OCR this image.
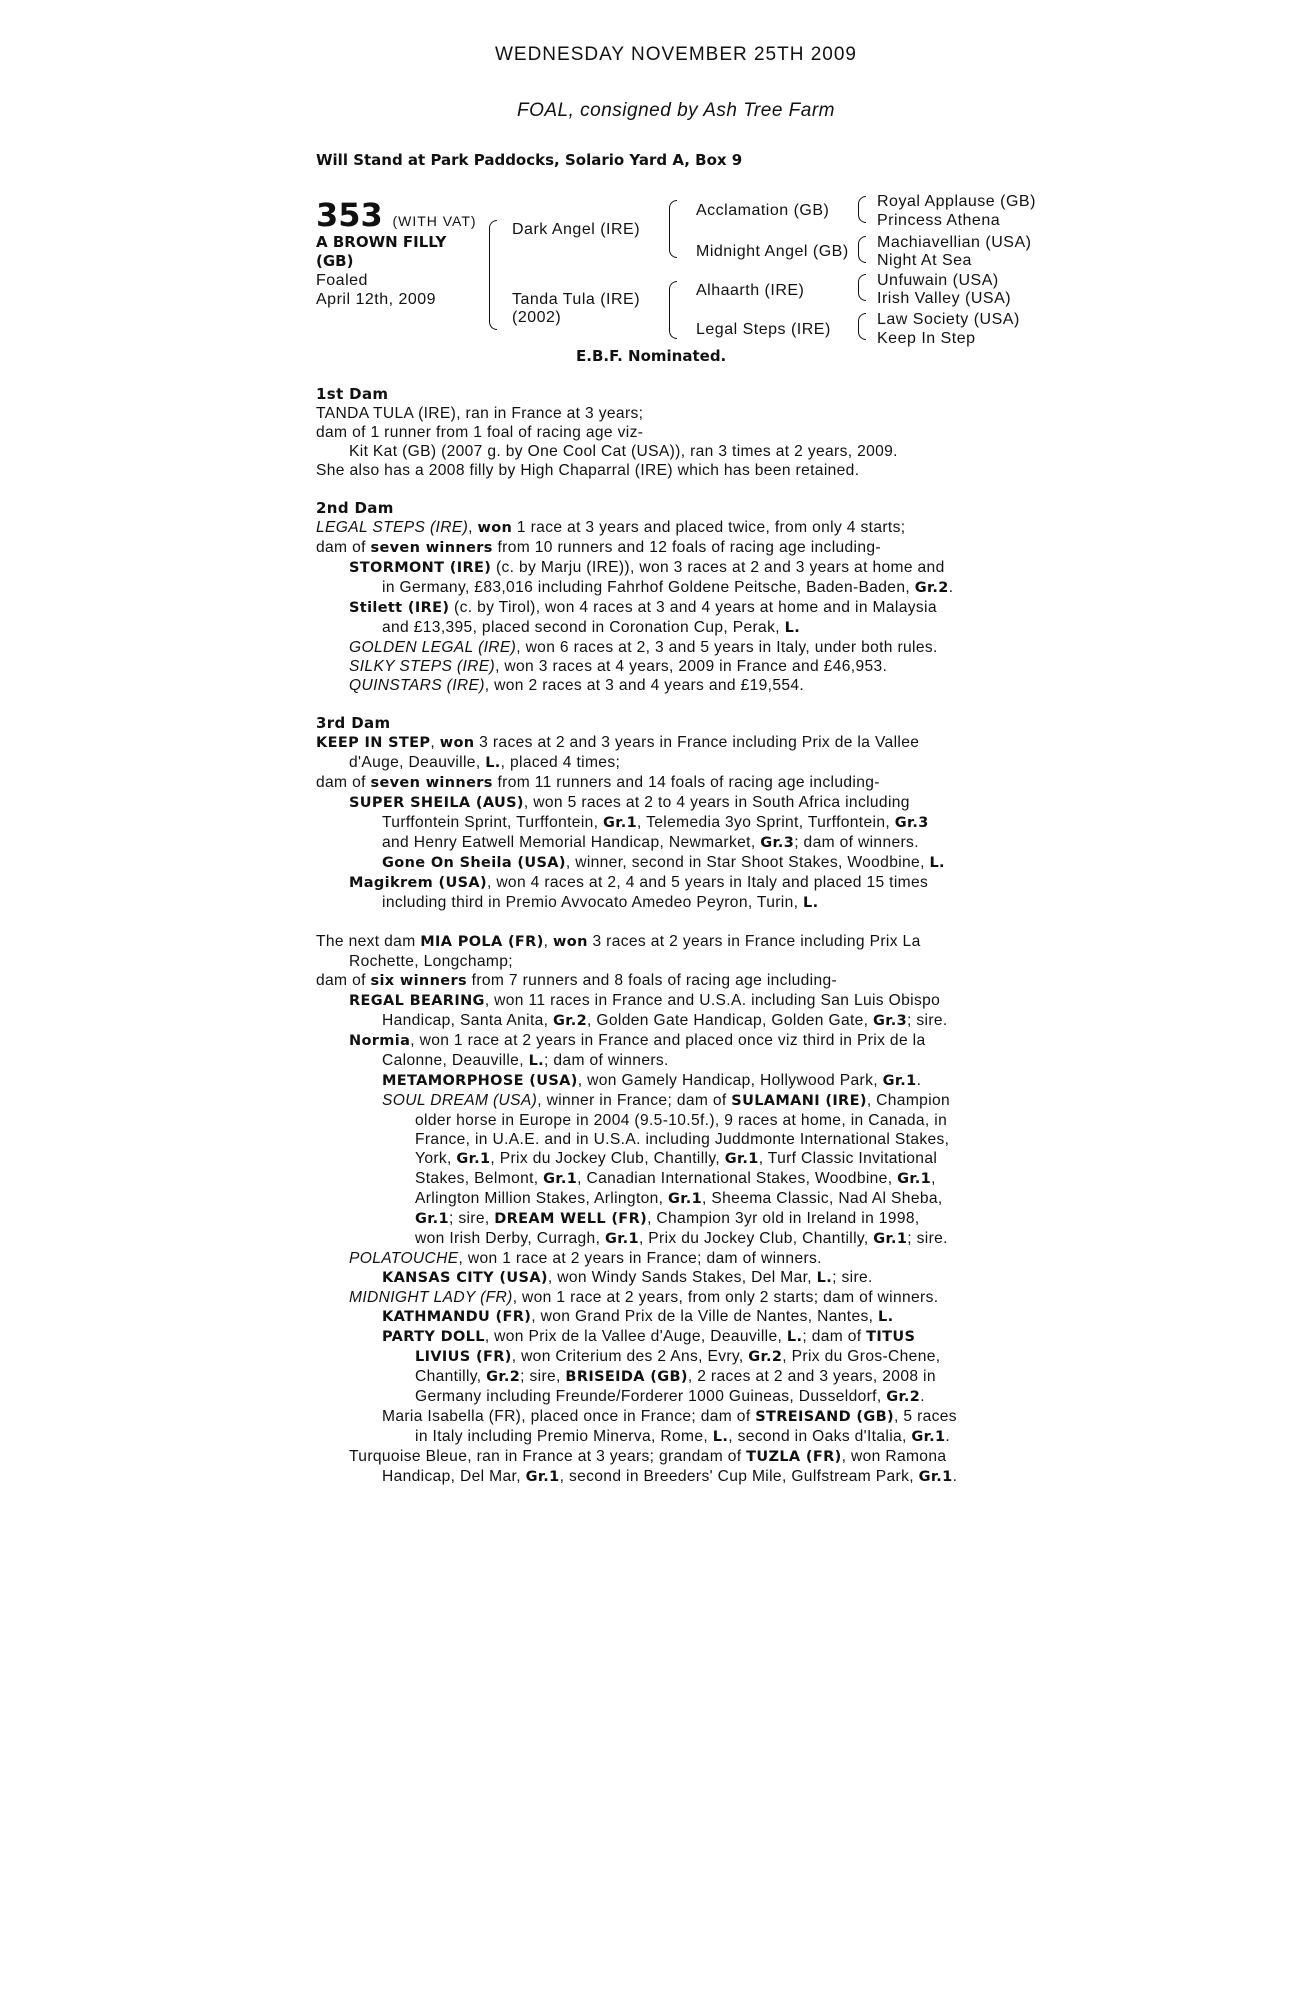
WEDNESDAY NOVEMBER 25TH 2009
FOAL, consigned by Ash Tree Farm
Will Stand at Park Paddocks, Solario Yard A, Box 9
353 (WITH VAT)
A BROWN FILLY
(GB)
Foaled
April 12th, 2009
Dark Angel (IRE)
Tanda Tula (IRE)
(2002)
Acclamation (GB)
Midnight Angel (GB)
Alhaarth (IRE)
Legal Steps (IRE)
Royal Applause (GB)
Princess Athena
Machiavellian (USA)
Night At Sea
Unfuwain (USA)
Irish Valley (USA)
Law Society (USA)
Keep In Step
E.B.F. Nominated.

1st Dam

TANDA TULA (IRE), ran in France at 3 years;

dam of 1 runner from 1 foal of racing age viz-

Kit Kat (GB) (2007 g. by One Cool Cat (USA)), ran 3 times at 2 years, 2009.

She also has a 2008 filly by High Chaparral (IRE) which has been retained.

2nd Dam

LEGAL STEPS (IRE), won 1 race at 3 years and placed twice, from only 4 starts;

dam of seven winners from 10 runners and 12 foals of racing age including-

STORMONT (IRE) (c. by Marju (IRE)), won 3 races at 2 and 3 years at home and

in Germany, £83,016 including Fahrhof Goldene Peitsche, Baden-Baden, Gr.2.

Stilett (IRE) (c. by Tirol), won 4 races at 3 and 4 years at home and in Malaysia

and £13,395, placed second in Coronation Cup, Perak, L.

GOLDEN LEGAL (IRE), won 6 races at 2, 3 and 5 years in Italy, under both rules.

SILKY STEPS (IRE), won 3 races at 4 years, 2009 in France and £46,953.

QUINSTARS (IRE), won 2 races at 3 and 4 years and £19,554.

3rd Dam

KEEP IN STEP, won 3 races at 2 and 3 years in France including Prix de la Vallee

d'Auge, Deauville, L., placed 4 times;

dam of seven winners from 11 runners and 14 foals of racing age including-

SUPER SHEILA (AUS), won 5 races at 2 to 4 years in South Africa including

Turffontein Sprint, Turffontein, Gr.1, Telemedia 3yo Sprint, Turffontein, Gr.3

and Henry Eatwell Memorial Handicap, Newmarket, Gr.3; dam of winners.

Gone On Sheila (USA), winner, second in Star Shoot Stakes, Woodbine, L.

Magikrem (USA), won 4 races at 2, 4 and 5 years in Italy and placed 15 times

including third in Premio Avvocato Amedeo Peyron, Turin, L.

The next dam MIA POLA (FR), won 3 races at 2 years in France including Prix La

Rochette, Longchamp;

dam of six winners from 7 runners and 8 foals of racing age including-

REGAL BEARING, won 11 races in France and U.S.A. including San Luis Obispo

Handicap, Santa Anita, Gr.2, Golden Gate Handicap, Golden Gate, Gr.3; sire.

Normia, won 1 race at 2 years in France and placed once viz third in Prix de la

Calonne, Deauville, L.; dam of winners.

METAMORPHOSE (USA), won Gamely Handicap, Hollywood Park, Gr.1.

SOUL DREAM (USA), winner in France; dam of SULAMANI (IRE), Champion

older horse in Europe in 2004 (9.5-10.5f.), 9 races at home, in Canada, in

France, in U.A.E. and in U.S.A. including Juddmonte International Stakes,

York, Gr.1, Prix du Jockey Club, Chantilly, Gr.1, Turf Classic Invitational

Stakes, Belmont, Gr.1, Canadian International Stakes, Woodbine, Gr.1,

Arlington Million Stakes, Arlington, Gr.1, Sheema Classic, Nad Al Sheba,

Gr.1; sire, DREAM WELL (FR), Champion 3yr old in Ireland in 1998,

won Irish Derby, Curragh, Gr.1, Prix du Jockey Club, Chantilly, Gr.1; sire.

POLATOUCHE, won 1 race at 2 years in France; dam of winners.

KANSAS CITY (USA), won Windy Sands Stakes, Del Mar, L.; sire.

MIDNIGHT LADY (FR), won 1 race at 2 years, from only 2 starts; dam of winners.

KATHMANDU (FR), won Grand Prix de la Ville de Nantes, Nantes, L.

PARTY DOLL, won Prix de la Vallee d'Auge, Deauville, L.; dam of TITUS

LIVIUS (FR), won Criterium des 2 Ans, Evry, Gr.2, Prix du Gros-Chene,

Chantilly, Gr.2; sire, BRISEIDA (GB), 2 races at 2 and 3 years, 2008 in

Germany including Freunde/Forderer 1000 Guineas, Dusseldorf, Gr.2.

Maria Isabella (FR), placed once in France; dam of STREISAND (GB), 5 races

in Italy including Premio Minerva, Rome, L., second in Oaks d'Italia, Gr.1.

Turquoise Bleue, ran in France at 3 years; grandam of TUZLA (FR), won Ramona

Handicap, Del Mar, Gr.1, second in Breeders' Cup Mile, Gulfstream Park, Gr.1.
